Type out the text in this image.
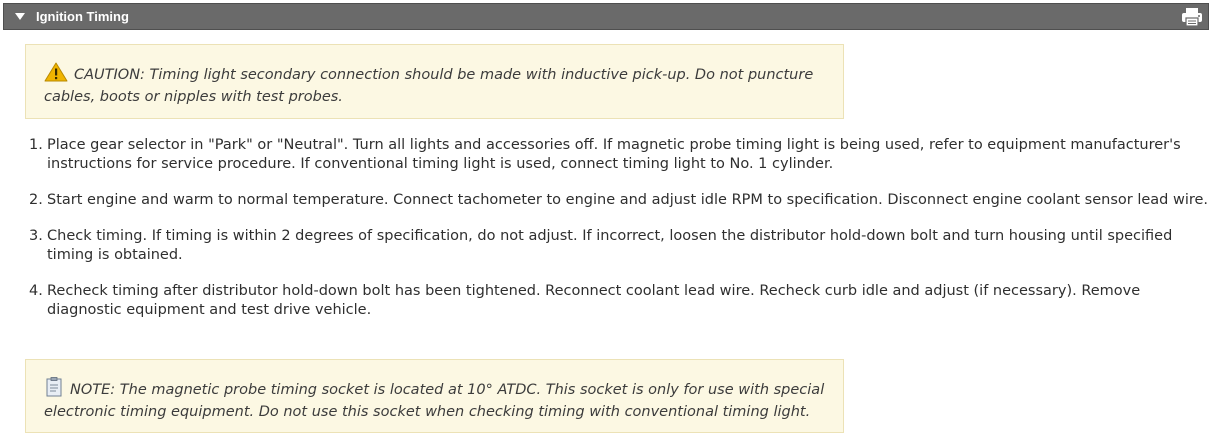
Ignition Timing
CAUTION: Timing light secondary connection should be made with inductive pick-up. Do not puncture cables, boots or nipples with test probes.
1. Place gear selector in "Park" or "Neutral". Turn all lights and accessories off. If magnetic probe timing light is being used, refer to equipment manufacturer's instructions for service procedure. If conventional timing light is used, connect timing light to No. 1 cylinder.
2. Start engine and warm to normal temperature. Connect tachometer to engine and adjust idle RPM to specification. Disconnect engine coolant sensor lead wire.
3. Check timing. If timing is within 2 degrees of specification, do not adjust. If incorrect, loosen the distributor hold-down bolt and turn housing until specified timing is obtained.
4. Recheck timing after distributor hold-down bolt has been tightened. Reconnect coolant lead wire. Recheck curb idle and adjust (if necessary). Remove diagnostic equipment and test drive vehicle.
NOTE: The magnetic probe timing socket is located at 10° ATDC. This socket is only for use with special electronic timing equipment. Do not use this socket when checking timing with conventional timing light.
